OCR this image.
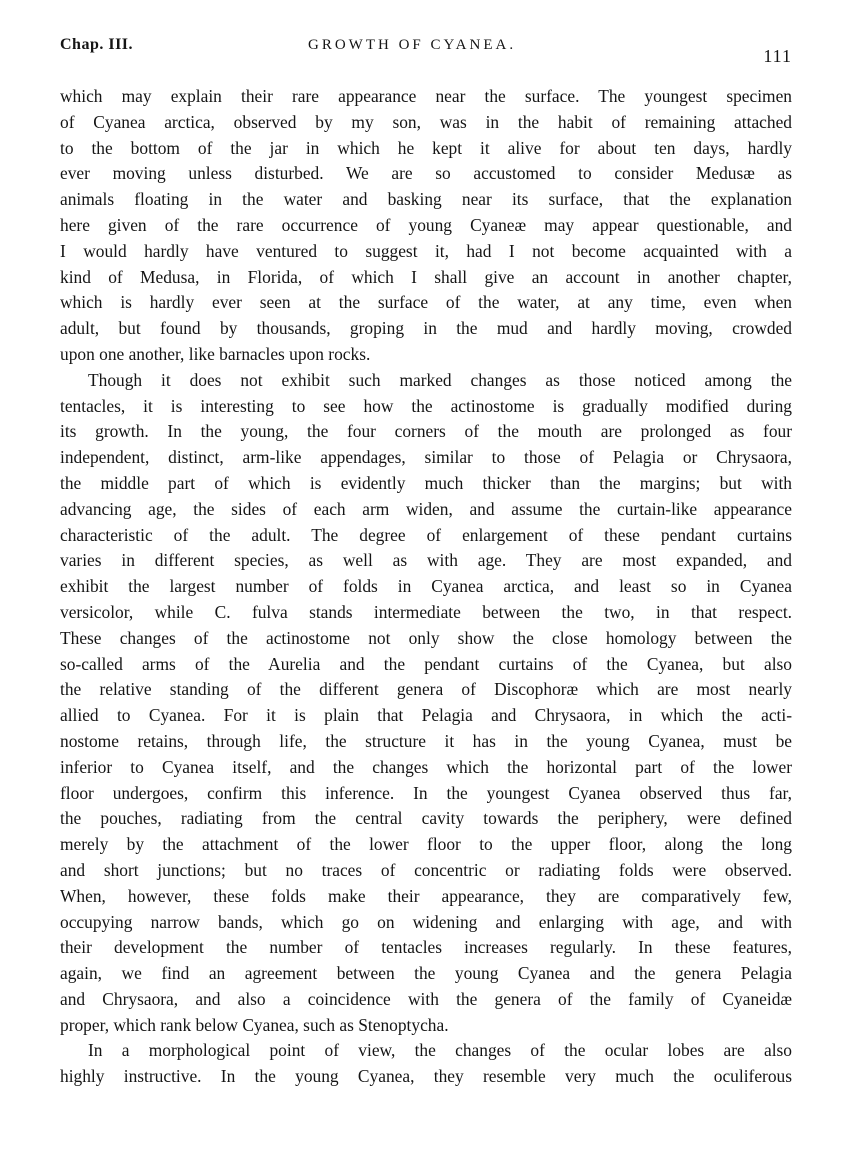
Chap. III.	GROWTH OF CYANEA.
111
which may explain their rare appearance near the surface. The youngest specimen
of Cyanea arctica, observed by my son, was in the habit of remaining attached
to the bottom of the jar in which he kept it alive for about ten days, hardly
ever moving unless disturbed. We are so accustomed to consider Medusæ as
animals floating in the water and basking near its surface, that the explanation
here given of the rare occurrence of young Cyaneæ may appear questionable, and
I would hardly have ventured to suggest it, had I not become acquainted with a
kind of Medusa, in Florida, of which I shall give an account in another chapter,
which is hardly ever seen at the surface of the water, at any time, even when
adult, but found by thousands, groping in the mud and hardly moving, crowded
upon one another, like barnacles upon rocks.
Though it does not exhibit such marked changes as those noticed among the
tentacles, it is interesting to see how the actinostome is gradually modified during
its growth. In the young, the four corners of the mouth are prolonged as four
independent, distinct, arm-like appendages, similar to those of Pelagia or Chrysaora,
the middle part of which is evidently much thicker than the margins; but with
advancing age, the sides of each arm widen, and assume the curtain-like appearance
characteristic of the adult. The degree of enlargement of these pendant curtains
varies in different species, as well as with age. They are most expanded, and
exhibit the largest number of folds in Cyanea arctica, and least so in Cyanea
versicolor, while C. fulva stands intermediate between the two, in that respect.
These changes of the actinostome not only show the close homology between the
so-called arms of the Aurelia and the pendant curtains of the Cyanea, but also
the relative standing of the different genera of Discophoræ which are most nearly
allied to Cyanea. For it is plain that Pelagia and Chrysaora, in which the acti-
nostome retains, through life, the structure it has in the young Cyanea, must be
inferior to Cyanea itself, and the changes which the horizontal part of the lower
floor undergoes, confirm this inference. In the youngest Cyanea observed thus far,
the pouches, radiating from the central cavity towards the periphery, were defined
merely by the attachment of the lower floor to the upper floor, along the long
and short junctions; but no traces of concentric or radiating folds were observed.
When, however, these folds make their appearance, they are comparatively few,
occupying narrow bands, which go on widening and enlarging with age, and with
their development the number of tentacles increases regularly. In these features,
again, we find an agreement between the young Cyanea and the genera Pelagia
and Chrysaora, and also a coincidence with the genera of the family of Cyaneidæ
proper, which rank below Cyanea, such as Stenoptycha.
In a morphological point of view, the changes of the ocular lobes are also
highly instructive. In the young Cyanea, they resemble very much the oculiferous
